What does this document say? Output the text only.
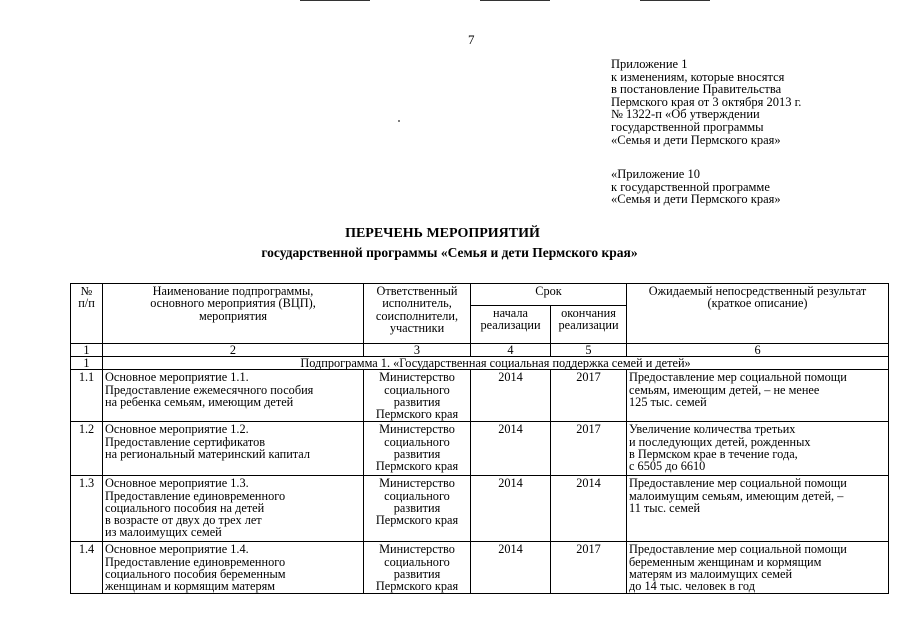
7
Приложение 1
к изменениям, которые вносятся
в постановление Правительства
Пермского края от 3 октября 2013 г.
№ 1322-п «Об утверждении
государственной программы
«Семья и дети Пермского края»
«Приложение 10
к государственной программе
«Семья и дети Пермского края»
ПЕРЕЧЕНЬ МЕРОПРИЯТИЙ
государственной программы «Семья и дети Пермского края»
№
п/п	Наименование подпрограммы,
основного мероприятия (ВЦП),
мероприятия	Ответственный
исполнитель,
соисполнители,
участники	Срок		Ожидаемый непосредственный результат
(краткое описание)

			начала
реализации	окончания
реализации	

1	2	3	4	5	6
1	Подпрограмма 1. «Государственная социальная поддержка семей и детей»				
1.1	Основное мероприятие 1.1.
Предоставление ежемесячного пособия
на ребенка семьям, имеющим детей	Министерство
социального
развития
Пермского края	2014	2017	Предоставление мер социальной помощи
семьям, имеющим детей, – не менее
125 тыс. семей
1.2	Основное мероприятие 1.2.
Предоставление сертификатов
на региональный материнский капитал	Министерство
социального
развития
Пермского края	2014	2017	Увеличение количества третьих
и последующих детей, рожденных
в Пермском крае в течение года,
с 6505 до 6610
1.3	Основное мероприятие 1.3.
Предоставление единовременного
социального пособия на детей
в возрасте от двух до трех лет
из малоимущих семей	Министерство
социального
развития
Пермского края	2014	2014	Предоставление мер социальной помощи
малоимущим семьям, имеющим детей, –
11 тыс. семей
1.4	Основное мероприятие 1.4.
Предоставление единовременного
социального пособия беременным
женщинам и кормящим матерям	Министерство
социального
развития
Пермского края	2014	2017	Предоставление мер социальной помощи
беременным женщинам и кормящим
матерям из малоимущих семей
до 14 тыс. человек в год
